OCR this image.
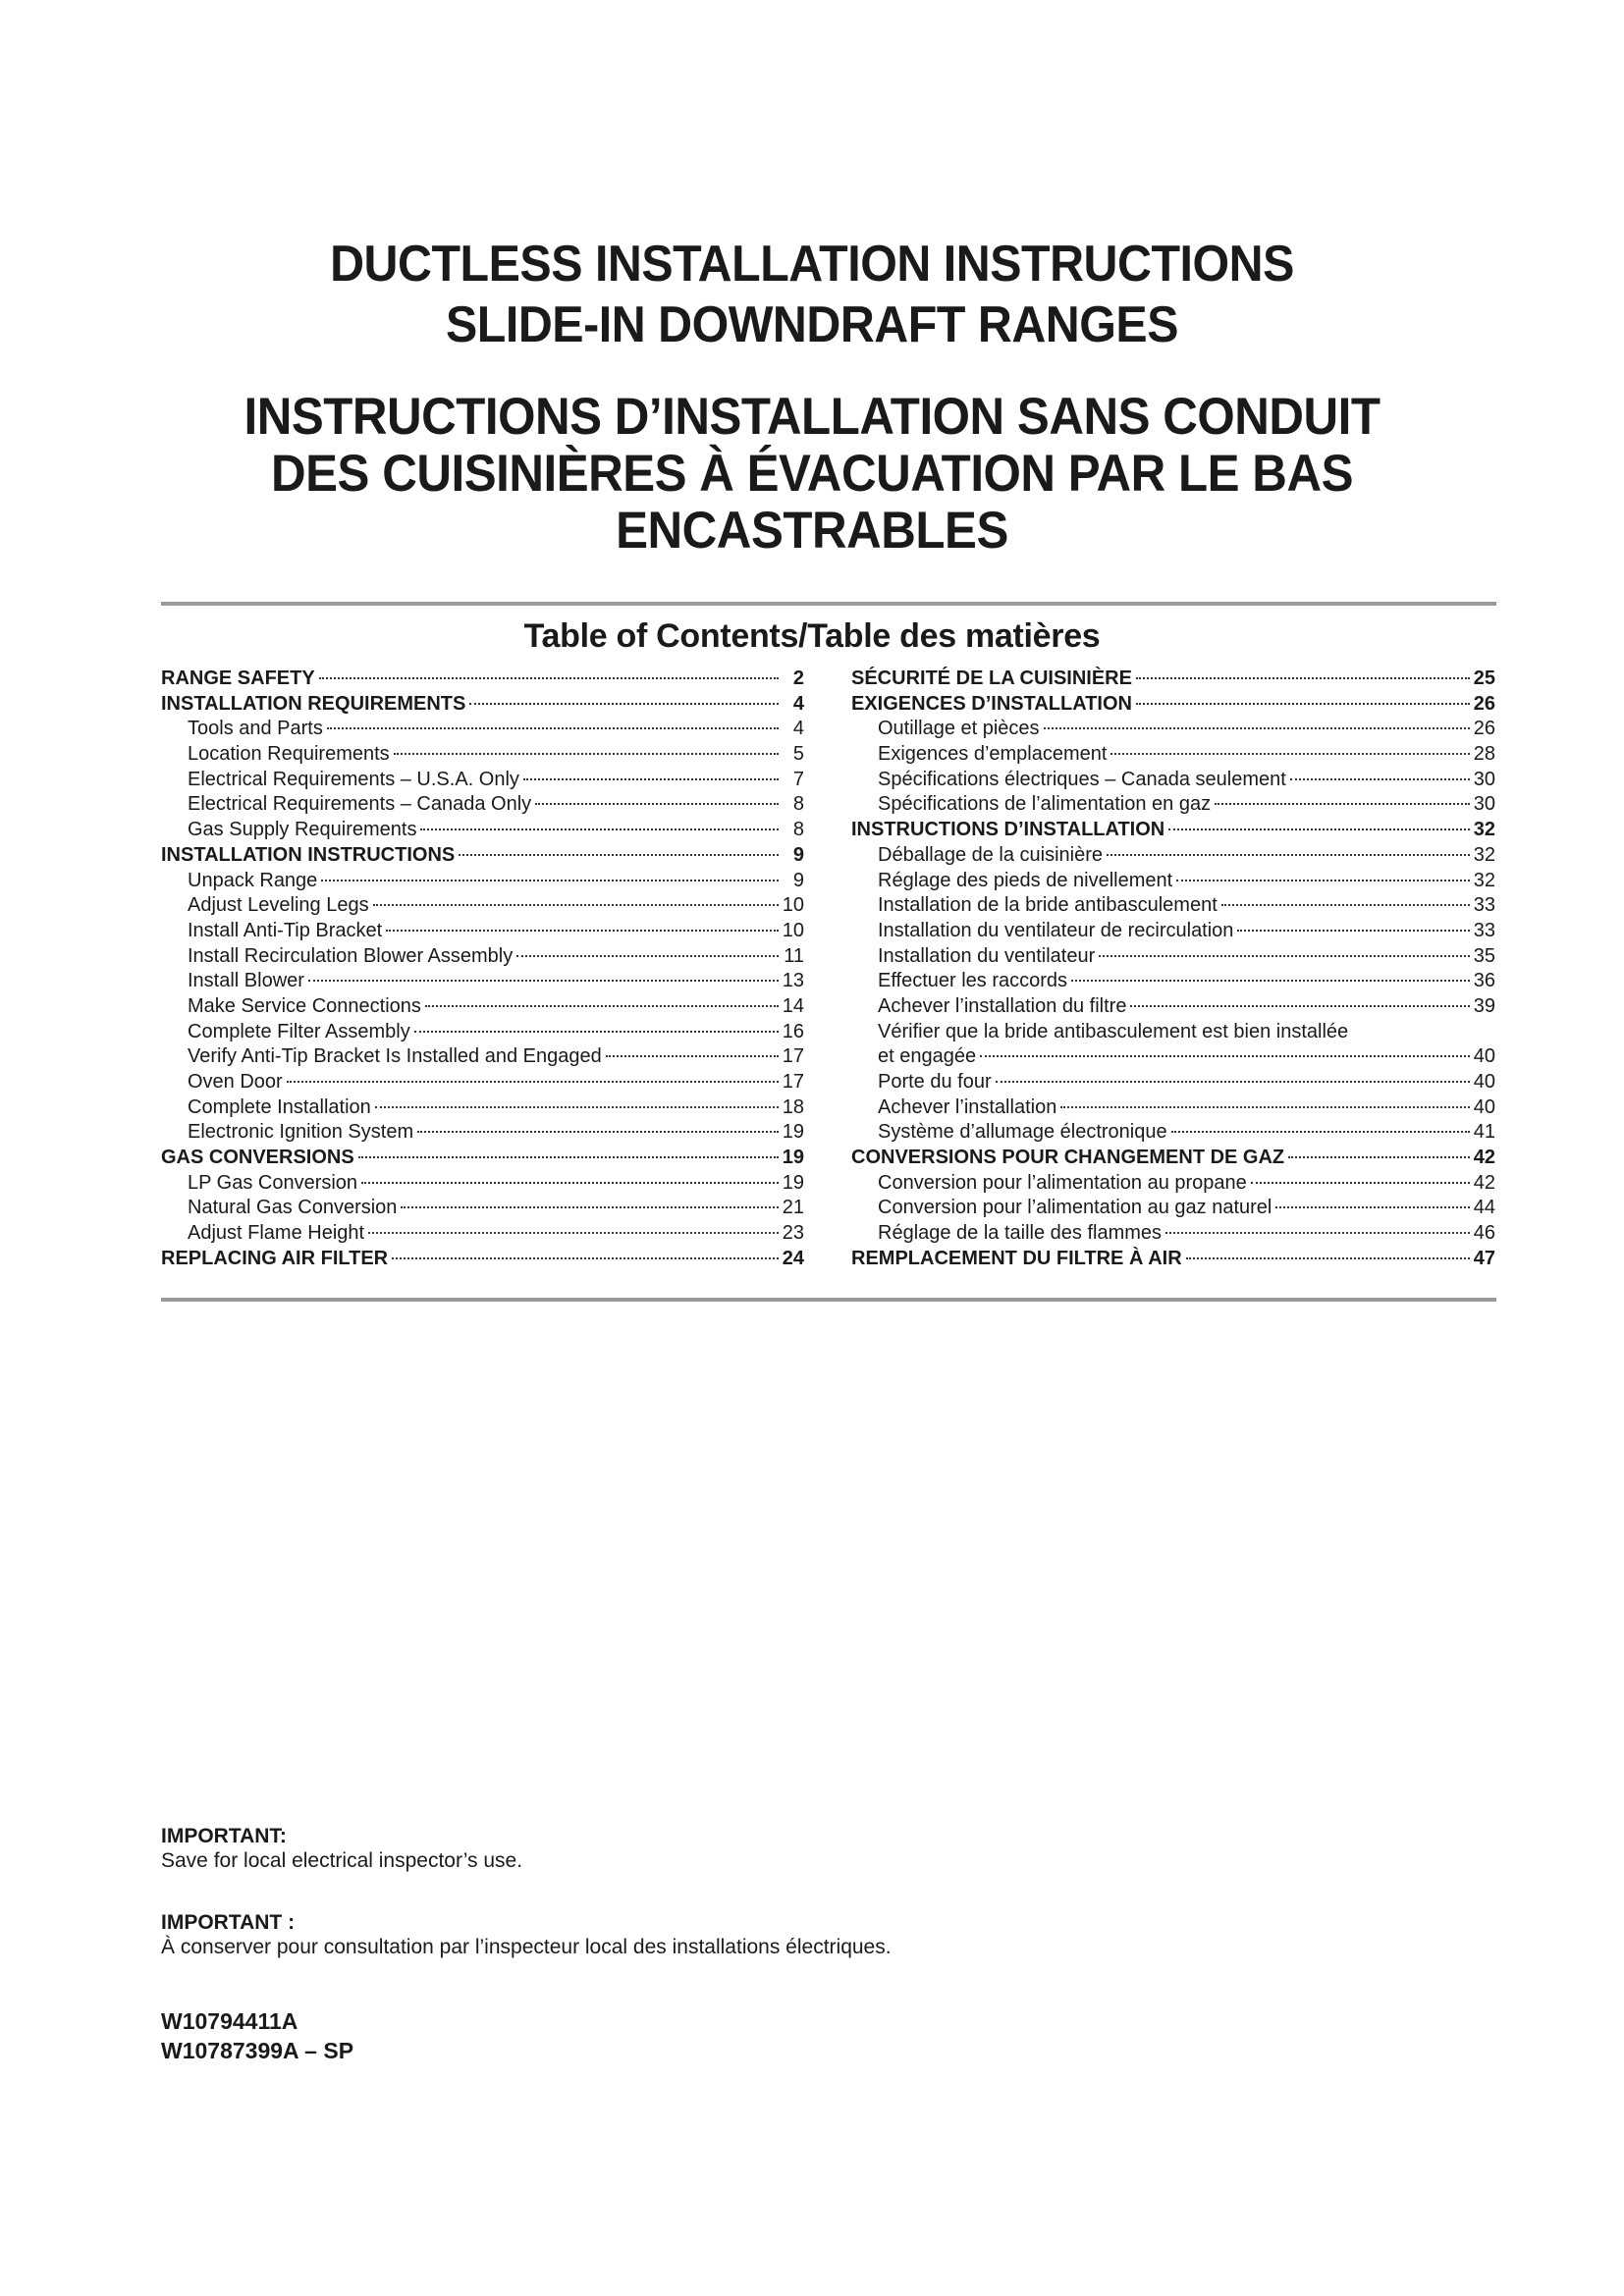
DUCTLESS INSTALLATION INSTRUCTIONS
SLIDE-IN DOWNDRAFT RANGES
INSTRUCTIONS D’INSTALLATION SANS CONDUIT
DES CUISINIÈRES À ÉVACUATION PAR LE BAS
ENCASTRABLES
Table of Contents/Table des matières
RANGE SAFETY	2
INSTALLATION REQUIREMENTS	4
Tools and Parts	4
Location Requirements	5
Electrical Requirements – U.S.A. Only	7
Electrical Requirements – Canada Only	8
Gas Supply Requirements	8
INSTALLATION INSTRUCTIONS	9
Unpack Range	9
Adjust Leveling Legs	10
Install Anti-Tip Bracket	10
Install Recirculation Blower Assembly	11
Install Blower	13
Make Service Connections	14
Complete Filter Assembly	16
Verify Anti-Tip Bracket Is Installed and Engaged	17
Oven Door	17
Complete Installation	18
Electronic Ignition System	19
GAS CONVERSIONS	19
LP Gas Conversion	19
Natural Gas Conversion	21
Adjust Flame Height	23
REPLACING AIR FILTER	24
SÉCURITÉ DE LA CUISINIÈRE	25
EXIGENCES D’INSTALLATION	26
Outillage et pièces	26
Exigences d’emplacement	28
Spécifications électriques – Canada seulement	30
Spécifications de l’alimentation en gaz	30
INSTRUCTIONS D’INSTALLATION	32
Déballage de la cuisinière	32
Réglage des pieds de nivellement	32
Installation de la bride antibasculement	33
Installation du ventilateur de recirculation	33
Installation du ventilateur	35
Effectuer les raccords	36
Achever l’installation du filtre	39
Vérifier que la bride antibasculement est bien installée
et engagée	40
Porte du four	40
Achever l’installation	40
Système d’allumage électronique	41
CONVERSIONS POUR CHANGEMENT DE GAZ	42
Conversion pour l’alimentation au propane	42
Conversion pour l’alimentation au gaz naturel	44
Réglage de la taille des flammes	46
REMPLACEMENT DU FILTRE À AIR	47
IMPORTANT:
Save for local electrical inspector’s use.
IMPORTANT :
À conserver pour consultation par l’inspecteur local des installations électriques.
W10794411A
W10787399A – SP
